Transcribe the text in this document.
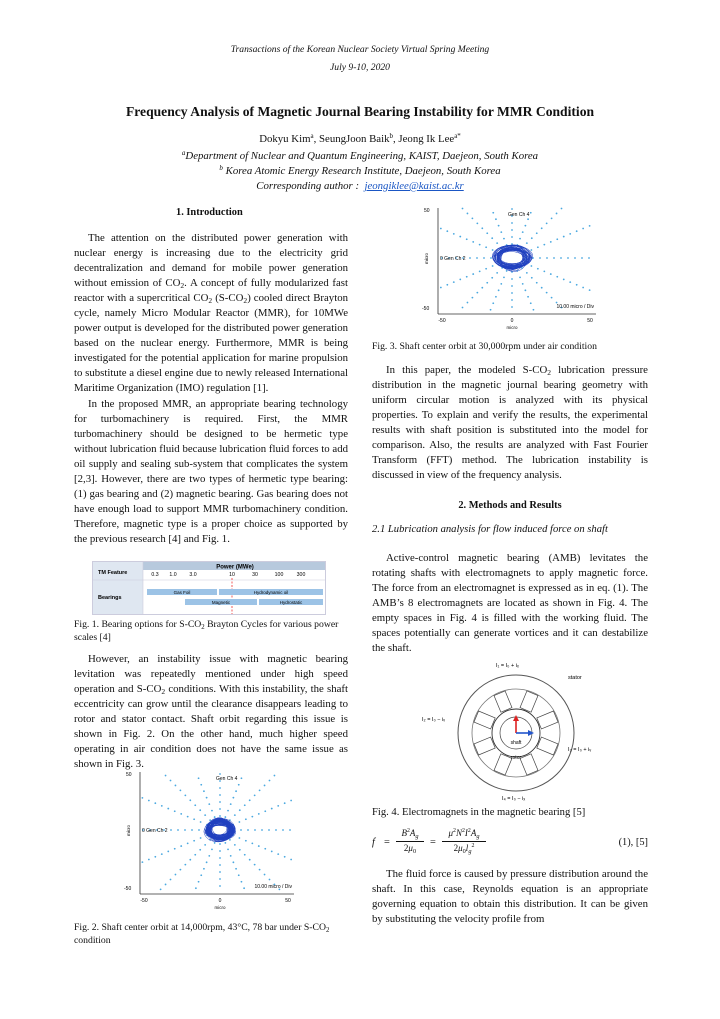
Transactions of the Korean Nuclear Society Virtual Spring Meeting
July 9-10, 2020
Frequency Analysis of Magnetic Journal Bearing Instability for MMR Condition
Dokyu Kim$^a$, SeungJoon Baik$^b$, Jeong Ik Lee$^{a*}$
$^a$Department of Nuclear and Quantum Engineering, KAIST, Daejeon, South Korea
$^b$ Korea Atomic Energy Research Institute, Daejeon, South Korea
Corresponding author : jeongiklee@kaist.ac.kr
1. Introduction

The attention on the distributed power generation with nuclear energy is increasing due to the electricity grid decentralization and demand for mobile power generation without emission of $CO_2$. A concept of fully modularized fast reactor with a supercritical $CO_2$ $(S-CO_2)$ cooled direct Brayton cycle, namely Micro Modular Reactor (MMR), for 10MWe power output is developed for the distributed power generation based on the nuclear energy. Furthermore, MMR is being investigated for the potential application for marine propulsion to substitute a diesel engine due to newly released International Maritime Organization (IMO) regulation [1].

In the proposed MMR, an appropriate bearing technology for turbomachinery is required. First, the MMR turbomachinery should be designed to be hermetic type without lubrication fluid because lubrication fluid forces to add oil supply and sealing sub-system that complicates the system [2,3]. However, there are two types of hermetic type bearing: (1) gas bearing and (2) magnetic bearing. Gas bearing does not have enough load to support MMR turbomachinery condition. Therefore, magnetic type is a proper choice as supported by the previous research [4] and Fig. 1.

Power (MWe)
TM Feature
Bearings
0.3 1.0 3.0	10	30	100	300
Gas Foil	Hydrodynamic oil
Magnetic	Hydrostatic
Fig. 1. Bearing options for $S-CO_2$ Brayton Cycles for various power scales [4]

However, an instability issue with magnetic bearing levitation was repeatedly mentioned under high speed operation and $S-CO_2$ conditions. With this instability, the shaft eccentricity can grow until the clearance disappears leading to rotor and stator contact. Shaft orbit regarding this issue is shown in Fig. 2. On the other hand, much higher speed operating in air condition does not have the same issue as shown in Fig. 3.

Gen Ch 4
0 Gen Ch 2
50
-50
-50	0	50
micro
10.00 micro / Div
micro
Fig. 2. Shaft center orbit at 14,000rpm, 43°C, 78 bar under $S-CO_2$ condition
Gen Ch 4
0 Gen Ch 2
50
-50
-50	0	50
micro
10.00 micro / Div
micro
Fig. 3. Shaft center orbit at 30,000rpm under air condition

In this paper, the modeled $S-CO_2$ lubrication pressure distribution in the magnetic journal bearing geometry with uniform circular motion is analyzed with its physical properties. To explain and verify the results, the experimental results with shaft position is substituted into the model for comparison. Also, the results are analyzed with Fast Fourier Transform (FFT) method. The lubrication instability is discussed in view of the frequency analysis.

2. Methods and Results
2.1 Lubrication analysis for flow induced force on shaft

Active-control magnetic bearing (AMB) levitates the rotating shafts with electromagnets to apply magnetic force. The force from an electromagnet is expressed as in eq. (1). The AMB’s 8 electromagnets are located as shown in Fig. 4. The empty spaces in Fig. 4 is filled with the working fluid. The spaces potentially can generate vortices and it can destabilize the shaft.

shaft
rotor
stator
I₁ = I₀ + iₓ
I₂ = I₀ − iᵥ
I₃ = I₀ + iᵥ
I₄ = I₀ − iₓ
Fig. 4. Electromagnets in the magnetic bearing [5]
f =
$B^2A_g$
$2\mu_0$
=
$\mu^2N^2I^2A_g$
$2\mu_0l_g^2$	(1), [5]

The fluid force is caused by pressure distribution around the shaft. In this case, Reynolds equation is an appropriate governing equation to obtain this distribution. It can be given by substituting the velocity profile from
